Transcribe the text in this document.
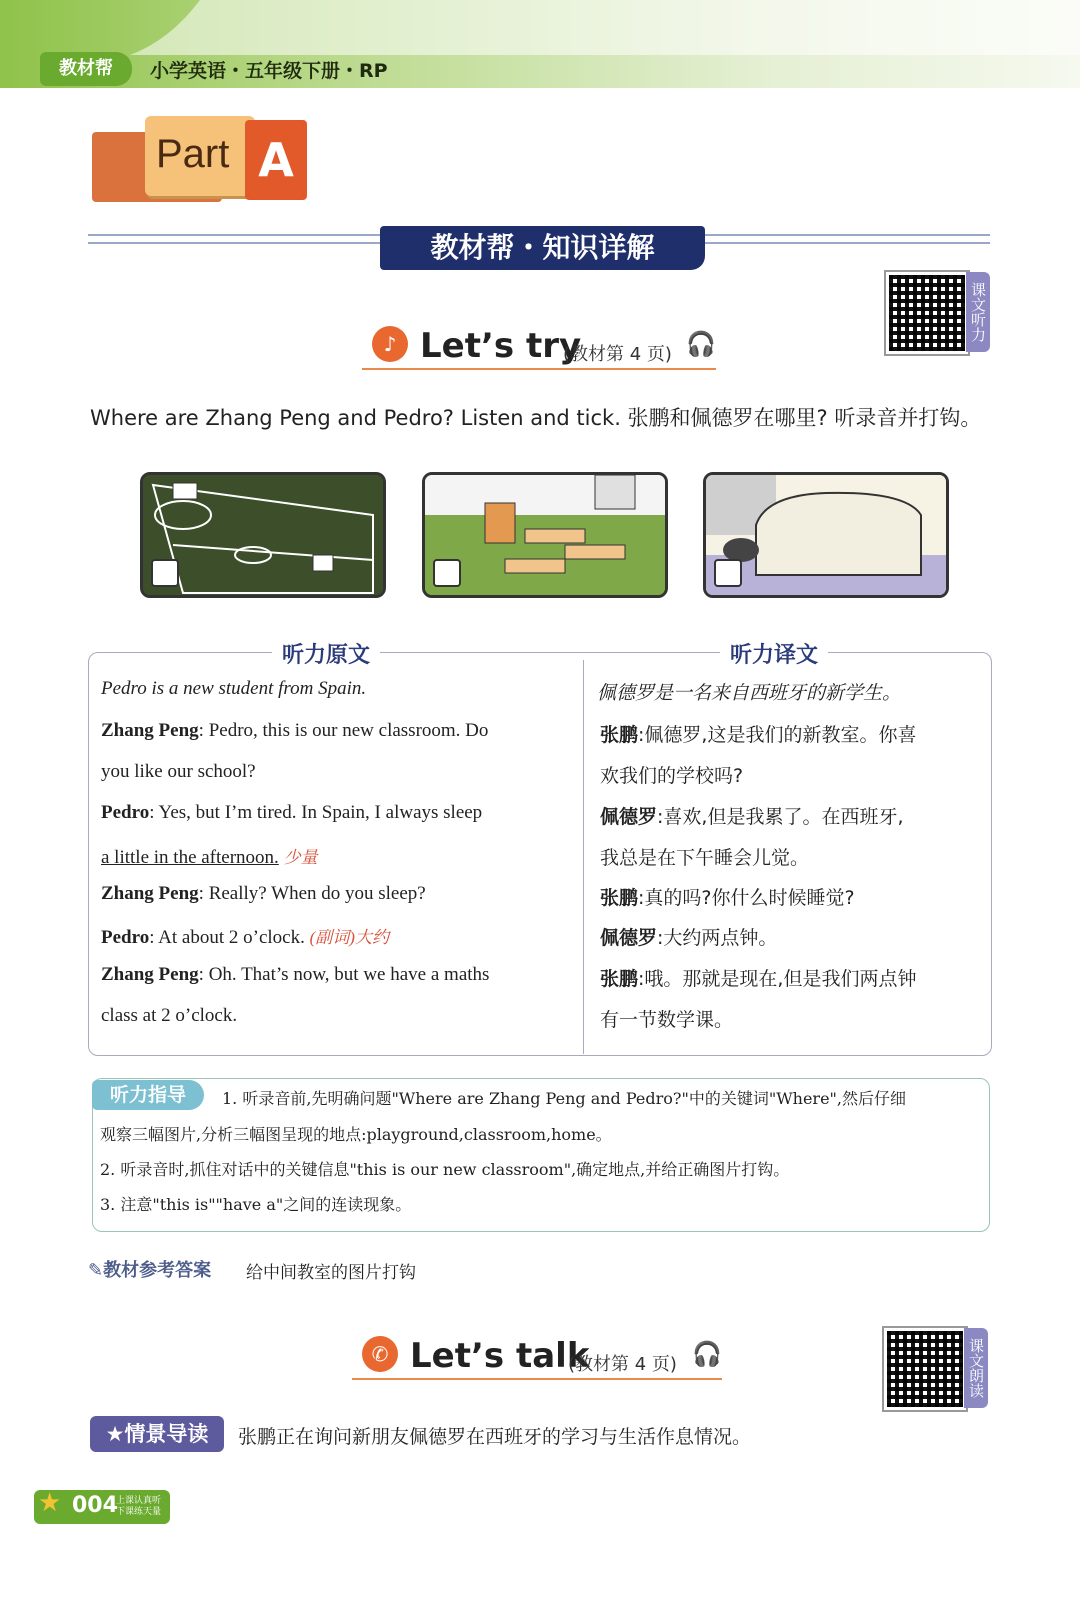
教材帮	小学英语・五年级下册・RP
Part A
教材帮・知识详解
课文听力
♪ Let’s try
(教材第 4 页) 🎧
Where are Zhang Peng and Pedro? Listen and tick. 张鹏和佩德罗在哪里? 听录音并打钩。
听力原文	听力译文
Pedro is a new student from Spain.
Zhang Peng: Pedro, this is our new classroom. Do
you like our school?
Pedro: Yes, but I’m tired. In Spain, I always sleep
a little in the afternoon. 少量
Zhang Peng: Really? When do you sleep?
Pedro: At about 2 o’clock. (副词)大约
Zhang Peng: Oh. That’s now, but we have a maths
class at 2 o’clock.
佩德罗是一名来自西班牙的新学生。
张鹏:佩德罗,这是我们的新教室。你喜
欢我们的学校吗?
佩德罗:喜欢,但是我累了。在西班牙,
我总是在下午睡会儿觉。
张鹏:真的吗?你什么时候睡觉?
佩德罗:大约两点钟。
张鹏:哦。那就是现在,但是我们两点钟
有一节数学课。
听力指导	1. 听录音前,先明确问题"Where are Zhang Peng and Pedro?"中的关键词"Where",然后仔细
观察三幅图片,分析三幅图呈现的地点:playground,classroom,home。
2. 听录音时,抓住对话中的关键信息"this is our new classroom",确定地点,并给正确图片打钩。
3. 注意"this is""have a"之间的连读现象。
✎教材参考答案 给中间教室的图片打钩
课文朗读
✆ Let’s talk
(教材第 4 页) 🎧
★情景导读	张鹏正在询问新朋友佩德罗在西班牙的学习与生活作息情况。
★ 004
上课认真听 下课练天量
